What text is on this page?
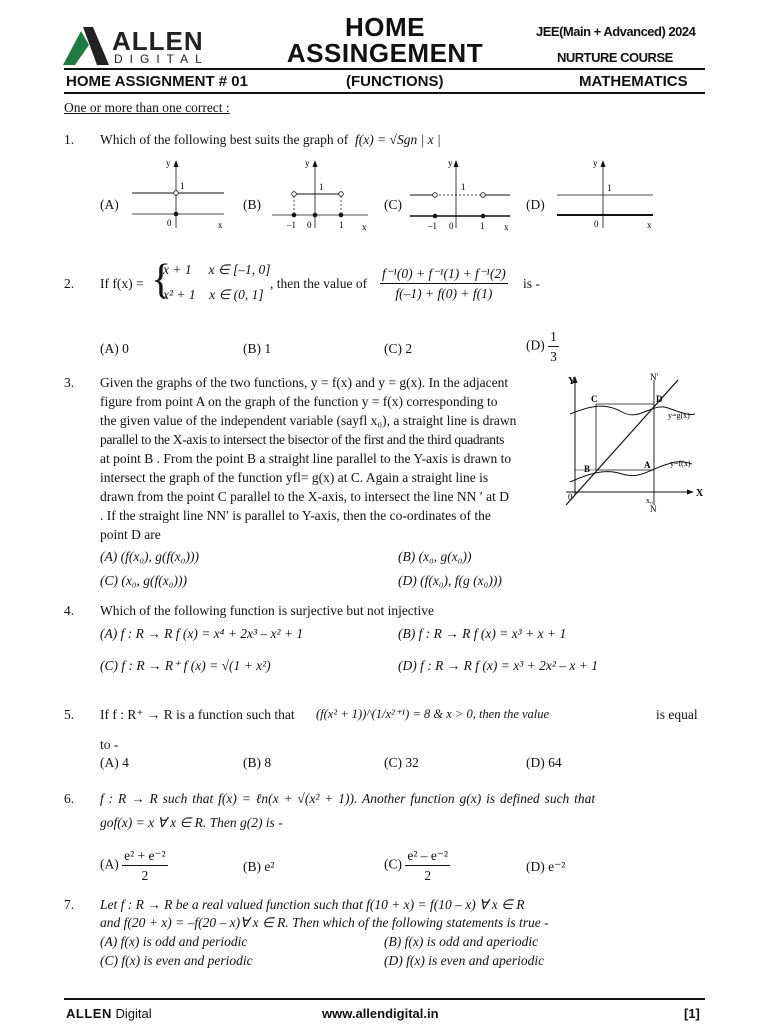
ALLEN
DIGITAL
HOME
ASSINGEMENT
JEE(Main + Advanced) 2024
NURTURE COURSE
HOME ASSIGNMENT # 01	(FUNCTIONS)	MATHEMATICS
One or more than one correct :
1. Which of the following best suits the graph of f(x) = √Sgn | x |
(A)
y
1
0	x
(B)
y
1
–1 0	1 x
(C)
y
1
–1 0	1 x
(D)
y
1
0	x
2. If f(x) = {
x + 1     x ∈ [–1, 0]
x² + 1    x ∈ (0, 1]
, then the value of $\frac{\text{f⁻¹(0) + f⁻¹(1) + f⁻¹(2)}}{f(-1) + f(0) + f(1)}$ is -
(A) 0	(B) 1	(C) 2	$(D) \frac{1}{3}$
3. Given the graphs of the two functions, y = f(x) and y = g(x). In the adjacent
figure from point A on the graph of the function y = f(x) corresponding to
the given value of the independent variable (sayfl x₀), a straight line is drawn
parallel to the X-axis to intersect the bisector of the first and the third quadrants
at point B . From the point B a straight line parallel to the Y-axis is drawn to
intersect the graph of the function yfl= g(x) at C. Again a straight line is
drawn from the point C parallel to the X-axis, to intersect the line NN ′ at D
. If the straight line NN′ is parallel to Y-axis, then the co-ordinates of the
point D are
Y
X
N'
N
0
C	D
B	A
x₀
y=g(x)
y=f(x)
(A) (f(x₀), g(f(x₀)))	(B) (x₀, g(x₀))
(C) (x₀, g(f(x₀)))	(D) (f(x₀), f(g (x₀)))
4. Which of the following function is surjective but not injective
(A) f : R → R f (x) = x⁴ + 2x³ – x² + 1	(B) f : R → R f (x) = x³ + x + 1
(C) f : R → R⁺ f (x) = √(1 + x²)	(D) f : R → R f (x) = x³ + 2x² – x + 1
5. If f : R⁺ → R is a function such that (f(x² + 1))^(1/x²⁺¹) = 8 & x > 0, then the value	is equal
to -
(A) 4	(B) 8	(C) 32	(D) 64
6. f : R → R such that f(x) = ℓn(x + √(x² + 1)). Another function g(x) is defined such that
gof(x) = x ∀ x ∈ R. Then g(2) is -
$(A) \frac{\text{e² + e⁻²}}{2}$	(B) e²	$(C) \frac{\text{e² – e⁻²}}{2}$	(D) e⁻²
7. Let f : R → R be a real valued function such that f(10 + x) = f(10 – x) ∀ x ∈ R
and f(20 + x) = –f(20 – x)∀ x ∈ R. Then which of the following statements is true -
(A) f(x) is odd and periodic	(B) f(x) is odd and aperiodic
(C) f(x) is even and periodic	(D) f(x) is even and aperiodic
ALLEN Digital	www.allendigital.in	[1]
